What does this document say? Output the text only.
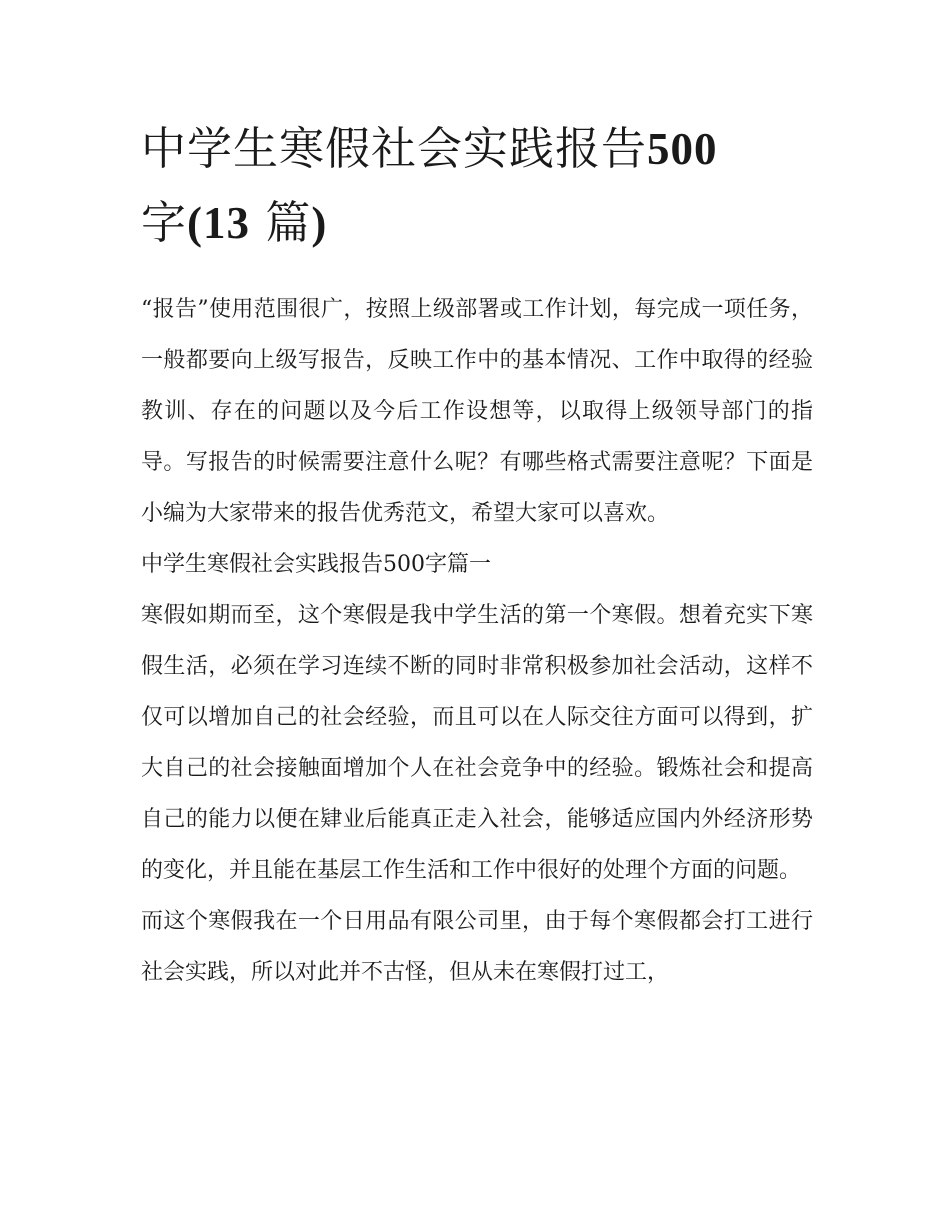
中学生寒假社会实践报告500
字(13 篇)

“报告”使用范围很广，按照上级部署或工作计划，每完成一项任务，一般都要向上级写报告，反映工作中的基本情况、工作中取得的经验教训、存在的问题以及今后工作设想等，以取得上级领导部门的指导。写报告的时候需要注意什么呢？有哪些格式需要注意呢？下面是小编为大家带来的报告优秀范文，希望大家可以喜欢。

中学生寒假社会实践报告500字篇一

寒假如期而至，这个寒假是我中学生活的第一个寒假。想着充实下寒假生活，必须在学习连续不断的同时非常积极参加社会活动，这样不仅可以增加自己的社会经验，而且可以在人际交往方面可以得到，扩大自己的社会接触面增加个人在社会竞争中的经验。锻炼社会和提高自己的能力以便在肄业后能真正走入社会，能够适应国内外经济形势的变化，并且能在基层工作生活和工作中很好的处理个方面的问题。

而这个寒假我在一个日用品有限公司里，由于每个寒假都会打工进行社会实践，所以对此并不古怪，但从未在寒假打过工，
